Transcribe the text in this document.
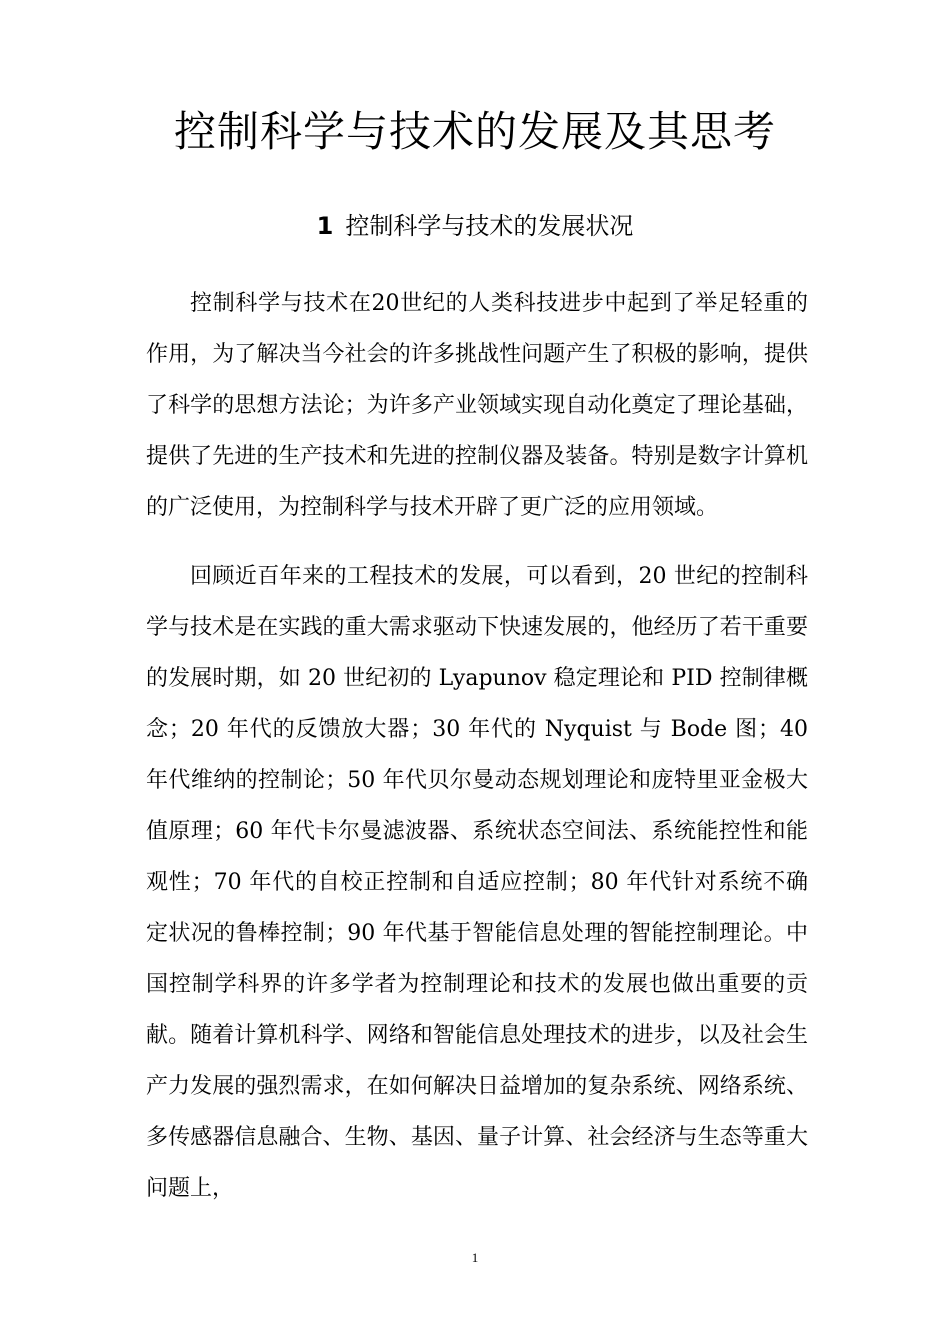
控制科学与技术的发展及其思考
1 控制科学与技术的发展状况

控制科学与技术在20世纪的人类科技进步中起到了举足轻重的作用，为了解决当今社会的许多挑战性问题产生了积极的影响，提供了科学的思想方法论；为许多产业领域实现自动化奠定了理论基础，提供了先进的生产技术和先进的控制仪器及装备。特别是数字计算机的广泛使用，为控制科学与技术开辟了更广泛的应用领域。

回顾近百年来的工程技术的发展，可以看到，20 世纪的控制科学与技术是在实践的重大需求驱动下快速发展的，他经历了若干重要的发展时期，如 20 世纪初的 Lyapunov 稳定理论和 PID 控制律概念；20 年代的反馈放大器；30 年代的 Nyquist 与 Bode 图；40 年代维纳的控制论；50 年代贝尔曼动态规划理论和庞特里亚金极大值原理；60 年代卡尔曼滤波器、系统状态空间法、系统能控性和能观性；70 年代的自校正控制和自适应控制；80 年代针对系统不确定状况的鲁棒控制；90 年代基于智能信息处理的智能控制理论。中国控制学科界的许多学者为控制理论和技术的发展也做出重要的贡献。随着计算机科学、网络和智能信息处理技术的进步，以及社会生产力发展的强烈需求，在如何解决日益增加的复杂系统、网络系统、多传感器信息融合、生物、基因、量子计算、社会经济与生态等重大问题上，

1
